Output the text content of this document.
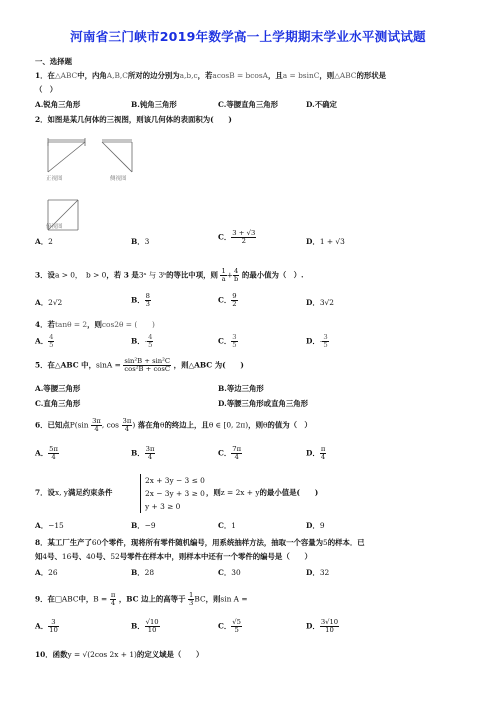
河南省三门峡市2019年数学高一上学期期末学业水平测试试题
一、选择题
1．在△ABC中，内角A,B,C所对的边分别为a,b,c，若acosB = bcosA，且a = bsinC，则△ABC的形状是
（　）
A.锐角三角形	B.钝角三角形	C.等腰直角三角形	D.不确定
2．如图是某几何体的三视图，则该几何体的表面积为(　　)
正视图	侧视图
俯视图
A．2	B．3	C． $\frac{3 + √3}{2}$	D．1 + √3
3．设a > 0，　b > 0，若 3 是3ᵃ 与 3ᵇ的等比中项，则 $\frac{1}{a} + \frac{4}{b}$ 的最小值为（　）.
A．2√2	B． $\frac{8}{3}$	C． $\frac{9}{2}$	D．3√2
4．若tanθ = 2，则cos2θ = (　　)
A． $\frac{4}{5}$	B．- $\frac{4}{5}$	C． $\frac{3}{5}$	D．- $\frac{3}{5}$
5．在△ABC 中，$\sin A = \frac{\text{sin²B + sin²C}}{\text{cos²B + cosC}}$ ，则△ABC 为(　　)
A.等腰三角形	B.等边三角形
C.直角三角形	D.等腰三角形或直角三角形
6．已知点$P(\sin \frac{3\pi}{4}$ , $\cos \frac{3\pi}{4}$ ) 落在角θ的终边上，且θ ∈ [0, 2π)，则θ的值为（　）
A． $\frac{5\pi}{4}$	B． $\frac{3\pi}{4}$	C． $\frac{7\pi}{4}$	D． $\frac{\pi}{4}$
7．设x, y满足约束条件
2x + 3y − 3 ≤ 0
2x − 3y + 3 ≥ 0
y + 3 ≥ 0
，则z = 2x + y的最小值是(　　)
A．−15	B．−9	C．1	D．9
8．某工厂生产了60个零件，现将所有零件随机编号，用系统抽样方法，抽取一个容量为5的样本．已
知4号、16号、40号、52号零件在样本中，则样本中还有一个零件的编号是（　　）
A．26	B．28	C．30	D．32
9．在□ABC中，$B = \frac{\pi}{4}$ ，BC 边上的高等于 $\frac{1}{3}$ BC，则sin A =
A． $\frac{3}{10}$	B． $\frac{√10}{10}$	C． $\frac{√5}{5}$	D． $\frac{3√10}{10}$
10．函数y = √(2cos 2x + 1)的定义域是（　　）
